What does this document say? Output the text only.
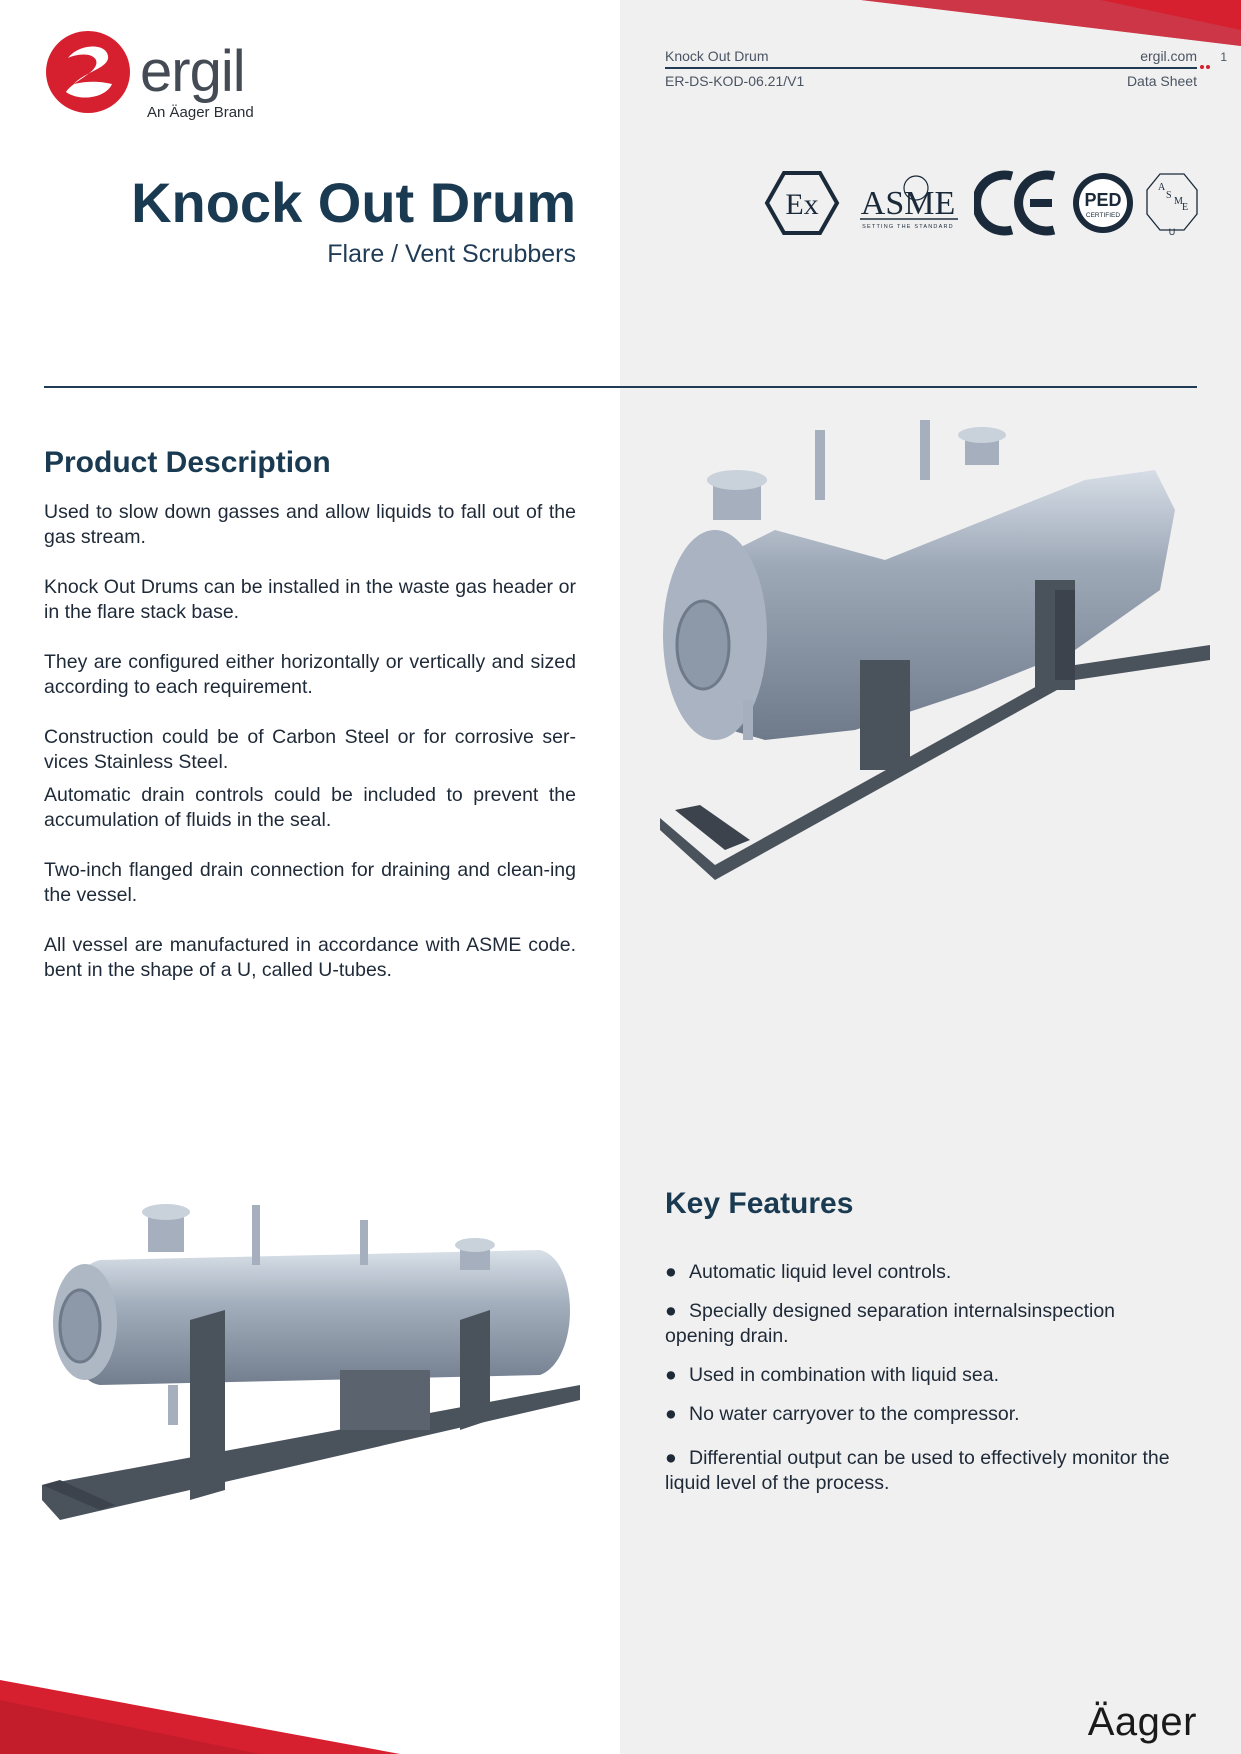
ergil
An Äager Brand
Knock Out Drum	ergil.com
ER-DS-KOD-06.21/V1	Data Sheet
1
Knock Out Drum
Flare / Vent Scrubbers
Ex ASME
SETTING THE STANDARD
PED
CERTIFIED
A
S
M
E
U
Product Description

Used to slow down gasses and allow liquids to fall out of the gas stream.

Knock Out Drums can be installed in the waste gas header or in the flare stack base.

They are configured either horizontally or vertically and sized according to each requirement.

Construction could be of Carbon Steel or for corrosive ser-vices Stainless Steel.

Automatic drain controls could be included to prevent the accumulation of fluids in the seal.

Two-inch flanged drain connection for draining and clean-ing the vessel.

All vessel are manufactured in accordance with ASME code. bent in the shape of a U, called U-tubes.

Key Features
● Automatic liquid level controls.
● Specially designed separation internalsinspection opening drain.
● Used in combination with liquid sea.
● No water carryover to the compressor.
● Differential output can be used to effectively monitor the liquid level of the process.
Äager
